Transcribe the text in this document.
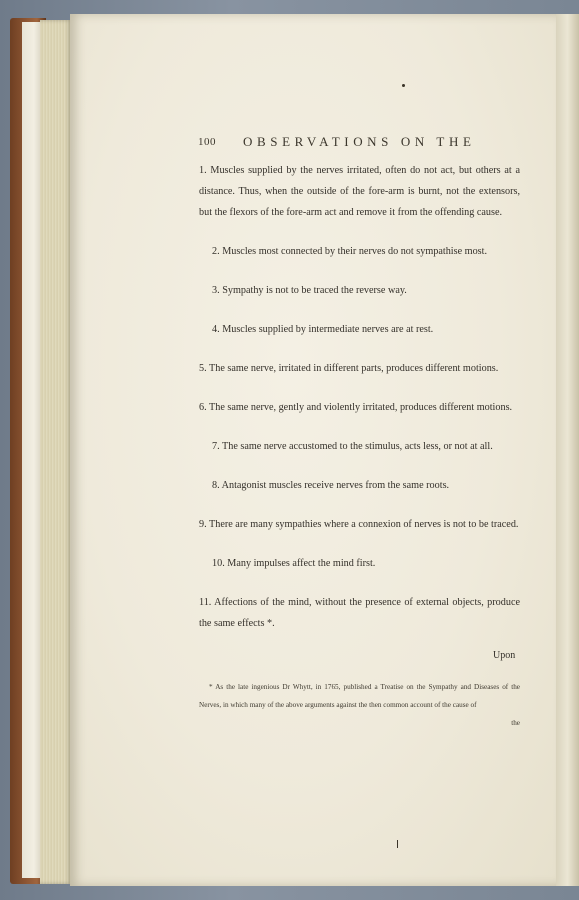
100 OBSERVATIONS ON THE

1. Muscles supplied by the nerves irritated, often do not act, but others at a distance. Thus, when the outside of the fore-arm is burnt, not the extensors, but the flexors of the fore-arm act and remove it from the offending cause.

2. Muscles most connected by their nerves do not sympathise most.

3. Sympathy is not to be traced the reverse way.

4. Muscles supplied by intermediate nerves are at rest.

5. The same nerve, irritated in different parts, produces different motions.

6. The same nerve, gently and violently irritated, produces different motions.

7. The same nerve accustomed to the stimulus, acts less, or not at all.

8. Antagonist muscles receive nerves from the same roots.

9. There are many sympathies where a connexion of nerves is not to be traced.

10. Many impulses affect the mind first.

11. Affections of the mind, without the presence of external objects, produce the same effects *.

Upon

* As the late ingenious Dr Whytt, in 1765, published a Treatise on the Sympathy and Diseases of the Nerves, in which many of the above arguments against the then common account of the cause of

the
